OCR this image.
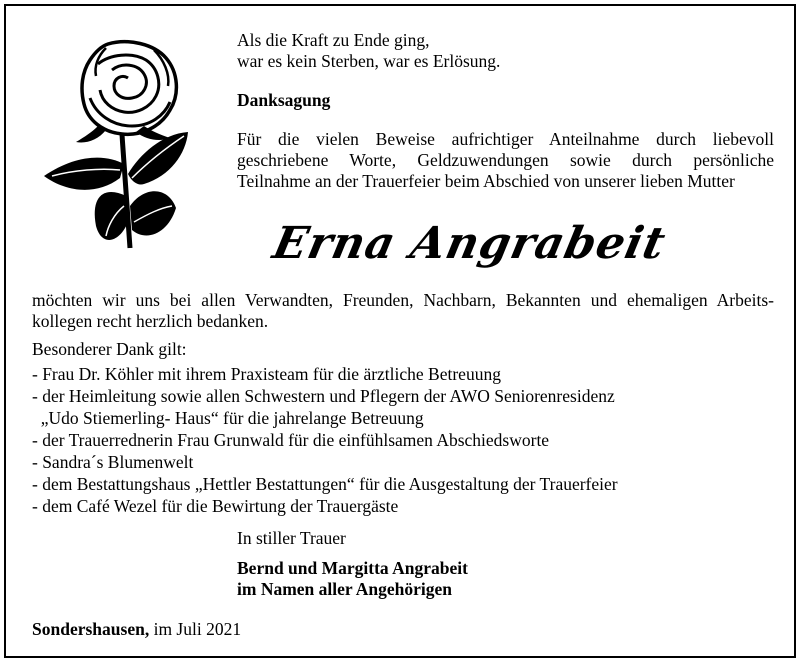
Als die Kraft zu Ende ging,
war es kein Sterben, war es Erlösung.
Danksagung
Für die vielen Beweise aufrichtiger Anteilnahme durch liebevoll
geschriebene Worte, Geldzuwendungen sowie durch persönliche
Teilnahme an der Trauerfeier beim Abschied von unserer lieben Mutter
Erna Angrabeit
möchten wir uns bei allen Verwandten, Freunden, Nachbarn, Bekannten und ehemaligen Arbeits-
kollegen recht herzlich bedanken.
Besonderer Dank gilt:
- Frau Dr. Köhler mit ihrem Praxisteam für die ärztliche Betreuung
- der Heimleitung sowie allen Schwestern und Pflegern der AWO Seniorenresidenz
„Udo Stiemerling- Haus“ für die jahrelange Betreuung
- der Trauerrednerin Frau Grunwald für die einfühlsamen Abschiedsworte
- Sandra´s Blumenwelt
- dem Bestattungshaus „Hettler Bestattungen“ für die Ausgestaltung der Trauerfeier
- dem Café Wezel für die Bewirtung der Trauergäste
In stiller Trauer
Bernd und Margitta Angrabeit
im Namen aller Angehörigen
Sondershausen, im Juli 2021
